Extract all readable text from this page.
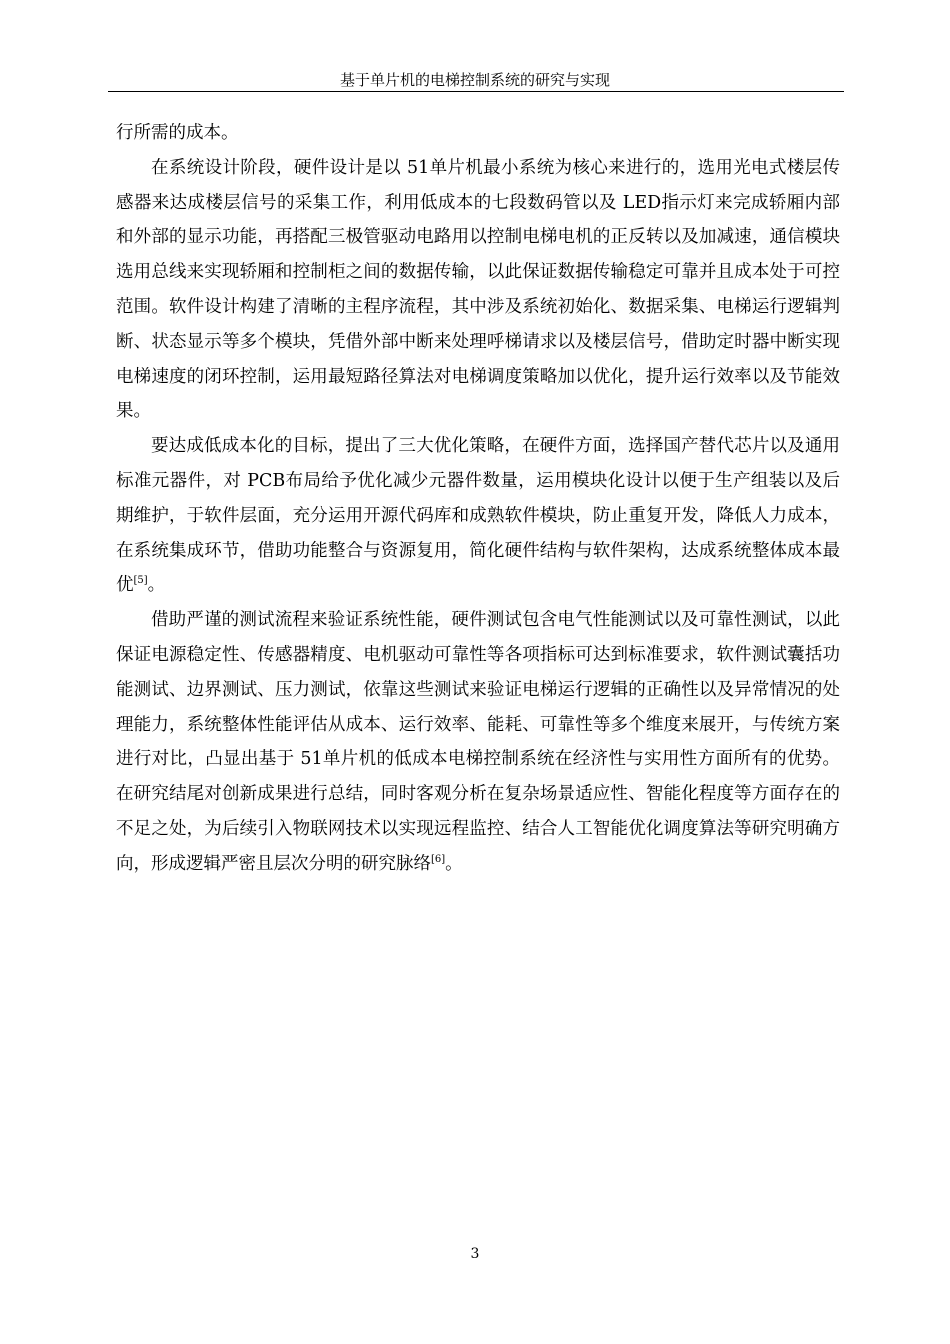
基于单片机的电梯控制系统的研究与实现

行所需的成本。

在系统设计阶段，硬件设计是以 51单片机最小系统为核心来进行的，选用光电式楼层传感器来达成楼层信号的采集工作，利用低成本的七段数码管以及 LED指示灯来完成轿厢内部和外部的显示功能，再搭配三极管驱动电路用以控制电梯电机的正反转以及加减速，通信模块选用总线来实现轿厢和控制柜之间的数据传输，以此保证数据传输稳定可靠并且成本处于可控范围。软件设计构建了清晰的主程序流程，其中涉及系统初始化、数据采集、电梯运行逻辑判断、状态显示等多个模块，凭借外部中断来处理呼梯请求以及楼层信号，借助定时器中断实现电梯速度的闭环控制，运用最短路径算法对电梯调度策略加以优化，提升运行效率以及节能效果。

要达成低成本化的目标，提出了三大优化策略，在硬件方面，选择国产替代芯片以及通用标准元器件，对 PCB布局给予优化减少元器件数量，运用模块化设计以便于生产组装以及后期维护，于软件层面，充分运用开源代码库和成熟软件模块，防止重复开发，降低人力成本，在系统集成环节，借助功能整合与资源复用，简化硬件结构与软件架构，达成系统整体成本最优[5]。

借助严谨的测试流程来验证系统性能，硬件测试包含电气性能测试以及可靠性测试，以此保证电源稳定性、传感器精度、电机驱动可靠性等各项指标可达到标准要求，软件测试囊括功能测试、边界测试、压力测试，依靠这些测试来验证电梯运行逻辑的正确性以及异常情况的处理能力，系统整体性能评估从成本、运行效率、能耗、可靠性等多个维度来展开，与传统方案进行对比，凸显出基于 51单片机的低成本电梯控制系统在经济性与实用性方面所有的优势。在研究结尾对创新成果进行总结，同时客观分析在复杂场景适应性、智能化程度等方面存在的不足之处，为后续引入物联网技术以实现远程监控、结合人工智能优化调度算法等研究明确方向，形成逻辑严密且层次分明的研究脉络[6]。

3
